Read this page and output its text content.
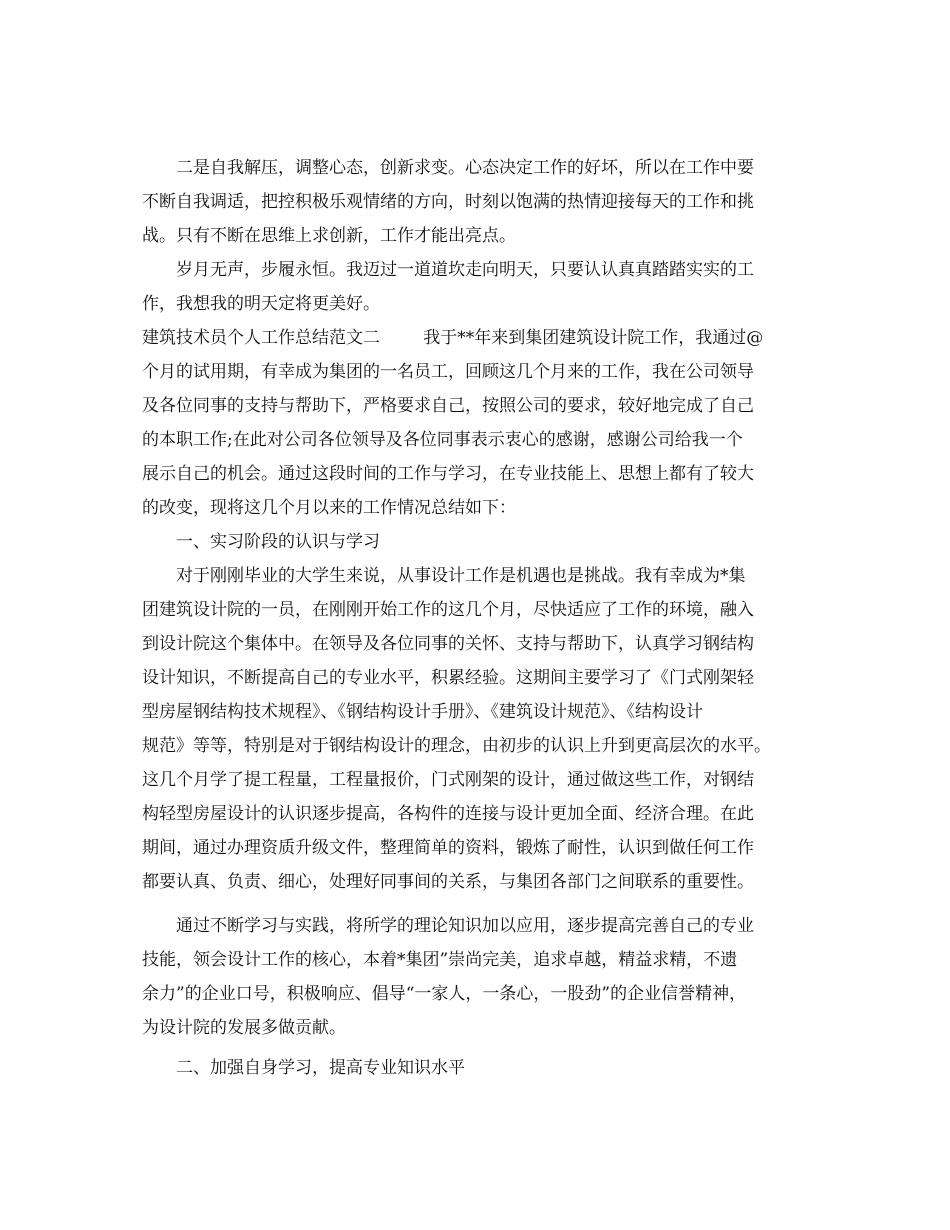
二是自我解压，调整心态，创新求变。心态决定工作的好坏，所以在工作中要
不断自我调适，把控积极乐观情绪的方向，时刻以饱满的热情迎接每天的工作和挑
战。只有不断在思维上求创新，工作才能出亮点。
岁月无声，步履永恒。我迈过一道道坎走向明天，只要认认真真踏踏实实的工
作，我想我的明天定将更美好。
建筑技术员个人工作总结范文二        我于**年来到集团建筑设计院工作，我通过@
个月的试用期，有幸成为集团的一名员工，回顾这几个月来的工作，我在公司领导
及各位同事的支持与帮助下，严格要求自己，按照公司的要求，较好地完成了自己
的本职工作;在此对公司各位领导及各位同事表示衷心的感谢，感谢公司给我一个
展示自己的机会。通过这段时间的工作与学习，在专业技能上、思想上都有了较大
的改变，现将这几个月以来的工作情况总结如下：
一、实习阶段的认识与学习
对于刚刚毕业的大学生来说，从事设计工作是机遇也是挑战。我有幸成为*集
团建筑设计院的一员，在刚刚开始工作的这几个月，尽快适应了工作的环境，融入
到设计院这个集体中。在领导及各位同事的关怀、支持与帮助下，认真学习钢结构
设计知识，不断提高自己的专业水平，积累经验。这期间主要学习了《门式刚架轻
型房屋钢结构技术规程》、《钢结构设计手册》、《建筑设计规范》、《结构设计
规范》等等，特别是对于钢结构设计的理念，由初步的认识上升到更高层次的水平。
这几个月学了提工程量，工程量报价，门式刚架的设计，通过做这些工作，对钢结
构轻型房屋设计的认识逐步提高，各构件的连接与设计更加全面、经济合理。在此
期间，通过办理资质升级文件，整理简单的资料，锻炼了耐性，认识到做任何工作
都要认真、负责、细心，处理好同事间的关系，与集团各部门之间联系的重要性。
通过不断学习与实践，将所学的理论知识加以应用，逐步提高完善自己的专业
技能，领会设计工作的核心，本着*集团”崇尚完美，追求卓越，精益求精，不遗
余力”的企业口号，积极响应、倡导“一家人，一条心，一股劲”的企业信誉精神，
为设计院的发展多做贡献。
二、加强自身学习，提高专业知识水平
